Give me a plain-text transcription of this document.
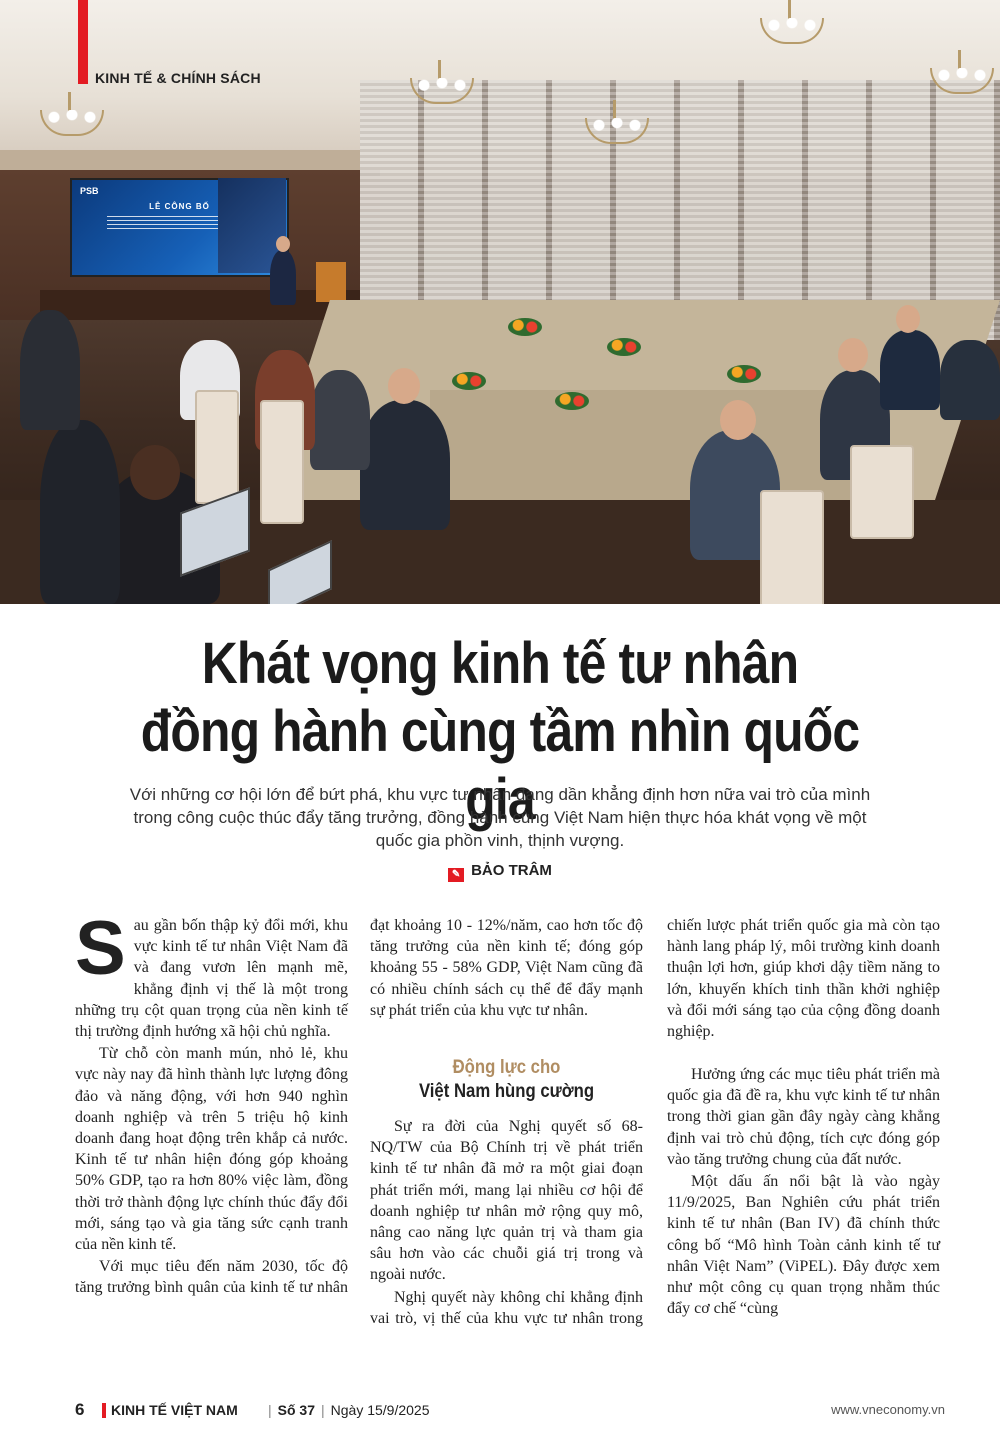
PSB
LỄ CÔNG BỐ
KINH TẾ & CHÍNH SÁCH
Khát vọng kinh tế tư nhân
đồng hành cùng tầm nhìn quốc gia
Với những cơ hội lớn để bứt phá, khu vực tư nhân đang dần khẳng định hơn nữa vai trò của mình trong công cuộc thúc đẩy tăng trưởng, đồng hành cùng Việt Nam hiện thực hóa khát vọng về một quốc gia phồn vinh, thịnh vượng.
✎ BẢO TRÂM

Sau gần bốn thập kỷ đổi mới, khu vực kinh tế tư nhân Việt Nam đã và đang vươn lên mạnh mẽ, khẳng định vị thế là một trong những trụ cột quan trọng của nền kinh tế thị trường định hướng xã hội chủ nghĩa.

Từ chỗ còn manh mún, nhỏ lẻ, khu vực này nay đã hình thành lực lượng đông đảo và năng động, với hơn 940 nghìn doanh nghiệp và trên 5 triệu hộ kinh doanh đang hoạt động trên khắp cả nước. Kinh tế tư nhân hiện đóng góp khoảng 50% GDP, tạo ra hơn 80% việc làm, đồng thời trở thành động lực chính thúc đẩy đổi mới, sáng tạo và gia tăng sức cạnh tranh của nền kinh tế.

Với mục tiêu đến năm 2030, tốc độ tăng trưởng bình quân của kinh tế tư nhân

đạt khoảng 10 - 12%/năm, cao hơn tốc độ tăng trưởng của nền kinh tế; đóng góp khoảng 55 - 58% GDP, Việt Nam cũng đã có nhiều chính sách cụ thể để đẩy mạnh sự phát triển của khu vực tư nhân.

Động lực cho
Việt Nam hùng cường

Sự ra đời của Nghị quyết số 68-NQ/TW của Bộ Chính trị về phát triển kinh tế tư nhân đã mở ra một giai đoạn phát triển mới, mang lại nhiều cơ hội để doanh nghiệp tư nhân mở rộng quy mô, nâng cao năng lực quản trị và tham gia sâu hơn vào các chuỗi giá trị trong và ngoài nước.

Nghị quyết này không chỉ khẳng định vai trò, vị thế của khu vực tư nhân trong

chiến lược phát triển quốc gia mà còn tạo hành lang pháp lý, môi trường kinh doanh thuận lợi hơn, giúp khơi dậy tiềm năng to lớn, khuyến khích tinh thần khởi nghiệp và đổi mới sáng tạo của cộng đồng doanh nghiệp.

Hưởng ứng các mục tiêu phát triển mà quốc gia đã đề ra, khu vực kinh tế tư nhân trong thời gian gần đây ngày càng khẳng định vai trò chủ động, tích cực đóng góp vào tăng trưởng chung của đất nước.

Một dấu ấn nổi bật là vào ngày 11/9/2025, Ban Nghiên cứu phát triển kinh tế tư nhân (Ban IV) đã chính thức công bố “Mô hình Toàn cảnh kinh tế tư nhân Việt Nam” (ViPEL). Đây được xem như một công cụ quan trọng nhằm thúc đẩy cơ chế “cùng

6 KINH TẾ VIỆT NAM	| Số 37 | Ngày 15/9/2025	www.vneconomy.vn
